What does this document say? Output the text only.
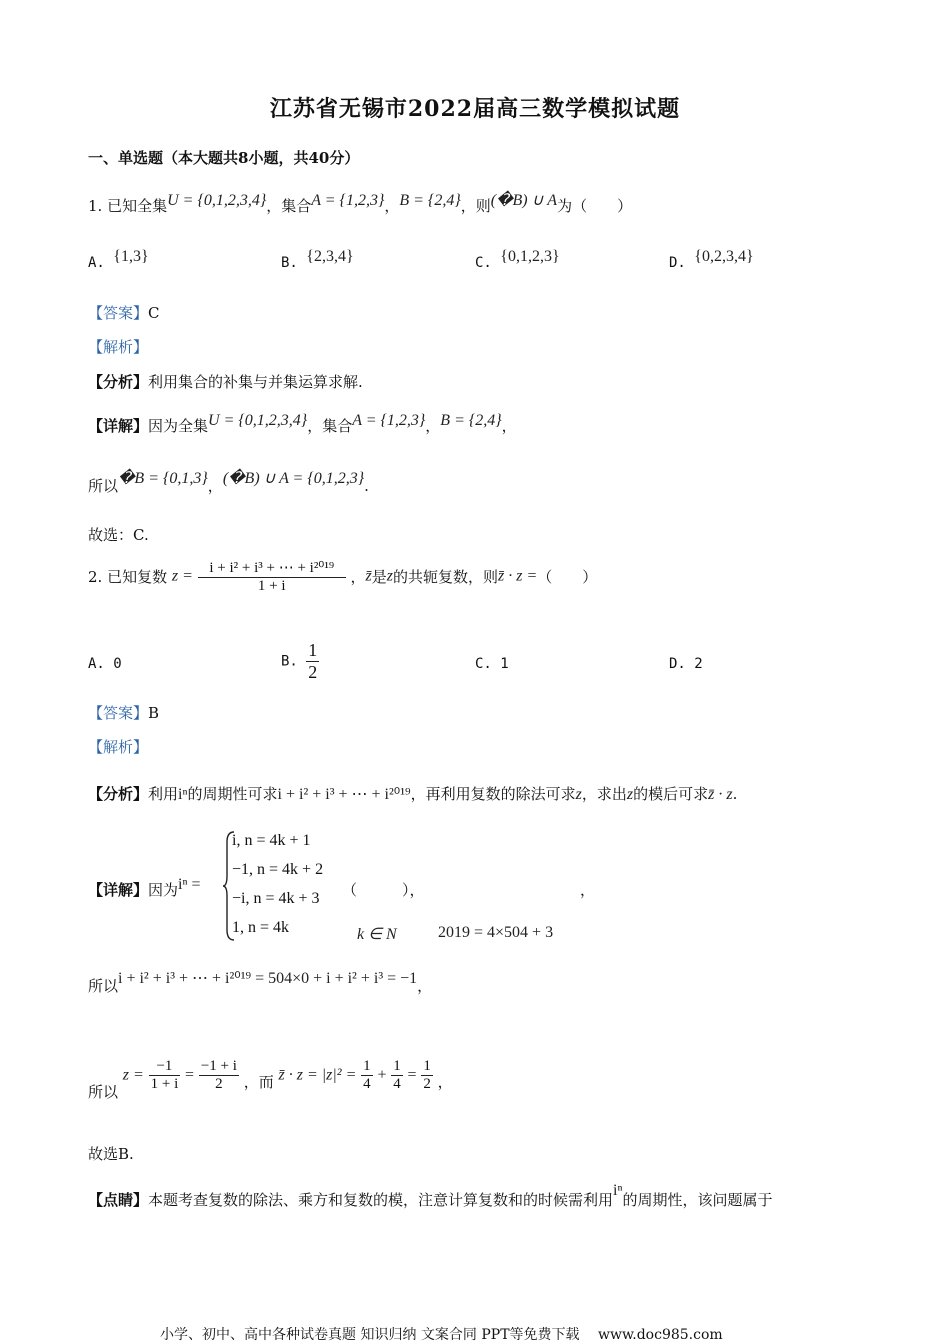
江苏省无锡市2022届高三数学模拟试题
一、单选题（本大题共8小题，共40分）
1. 已知全集U = {0,1,2,3,4}，集合A = {1,2,3}，B = {2,4}，则(�B) ∪ A为（　　）
A. {1,3}	B. {2,3,4}	C. {0,1,2,3}	D. {0,2,3,4}
【答案】C
【解析】
【分析】利用集合的补集与并集运算求解.
【详解】因为全集U = {0,1,2,3,4}，集合A = {1,2,3}，B = {2,4}，
所以�B = {0,1,3}，(�B) ∪ A = {0,1,2,3}.
故选：C.
2. 已知复数 $z = \frac{\text{i + i² + i³ + ⋯ + i²⁰¹⁹}}{1 + i}$ ，z̄是z的共轭复数，则z̄ · z =（　　）
A. 0	B. $\frac{1}{2}$	C. 1	D. 2
【答案】B
【解析】
【分析】利用iⁿ的周期性可求i + i² + i³ + ⋯ + i²⁰¹⁹，再利用复数的除法可求z，求出z的模后可求z̄ · z.
【详解】因为iⁿ =
i, n = 4k + 1
−1, n = 4k + 2
−i, n = 4k + 3
1, n = 4k
（　　　），	，
k ∈ N	2019 = 4×504 + 3
所以i + i² + i³ + ⋯ + i²⁰¹⁹ = 504×0 + i + i² + i³ = −1，
所以 $z = \frac{-1}{1 + i} = \frac{-1 + i}{2}$ ，而 z̄ · $z = |z|^2 = \frac{1}{4} + \frac{1}{4} = \frac{1}{2}$ ，
故选B.
【点睛】本题考查复数的除法、乘方和复数的模，注意计算复数和的时候需利用iⁿ的周期性，该问题属于
小学、初中、高中各种试卷真题 知识归纳 文案合同 PPT等免费下载　 www.doc985.com
